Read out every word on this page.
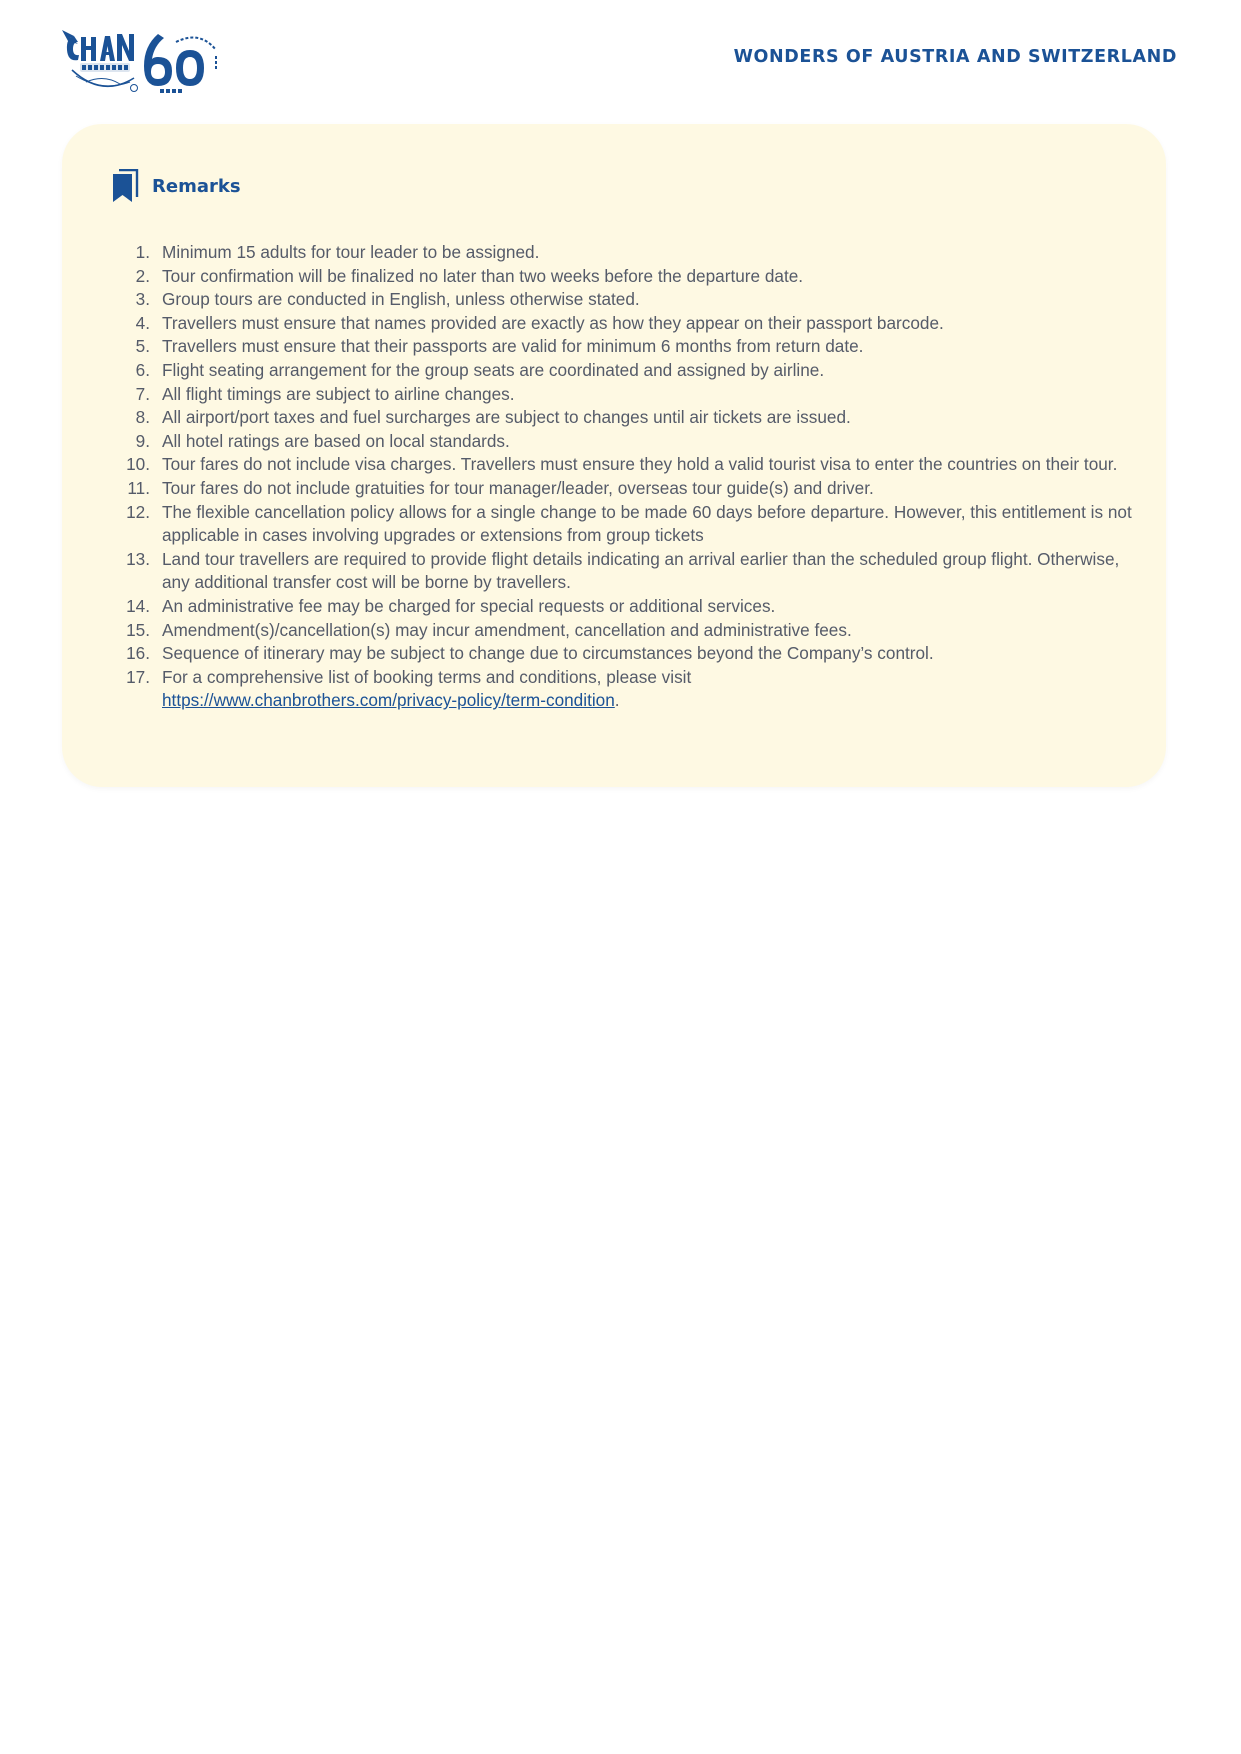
WONDERS OF AUSTRIA AND SWITZERLAND
Remarks
1. Minimum 15 adults for tour leader to be assigned.
2. Tour confirmation will be finalized no later than two weeks before the departure date.
3. Group tours are conducted in English, unless otherwise stated.
4. Travellers must ensure that names provided are exactly as how they appear on their passport barcode.
5. Travellers must ensure that their passports are valid for minimum 6 months from return date.
6. Flight seating arrangement for the group seats are coordinated and assigned by airline.
7. All flight timings are subject to airline changes.
8. All airport/port taxes and fuel surcharges are subject to changes until air tickets are issued.
9. All hotel ratings are based on local standards.
10. Tour fares do not include visa charges. Travellers must ensure they hold a valid tourist visa to enter the countries on their tour.
11. Tour fares do not include gratuities for tour manager/leader, overseas tour guide(s) and driver.
12. The flexible cancellation policy allows for a single change to be made 60 days before departure. However, this entitlement is not applicable in cases involving upgrades or extensions from group tickets
13. Land tour travellers are required to provide flight details indicating an arrival earlier than the scheduled group flight. Otherwise, any additional transfer cost will be borne by travellers.
14. An administrative fee may be charged for special requests or additional services.
15. Amendment(s)/cancellation(s) may incur amendment, cancellation and administrative fees.
16. Sequence of itinerary may be subject to change due to circumstances beyond the Company’s control.
17. For a comprehensive list of booking terms and conditions, please visit
https://www.chanbrothers.com/privacy-policy/term-condition.
